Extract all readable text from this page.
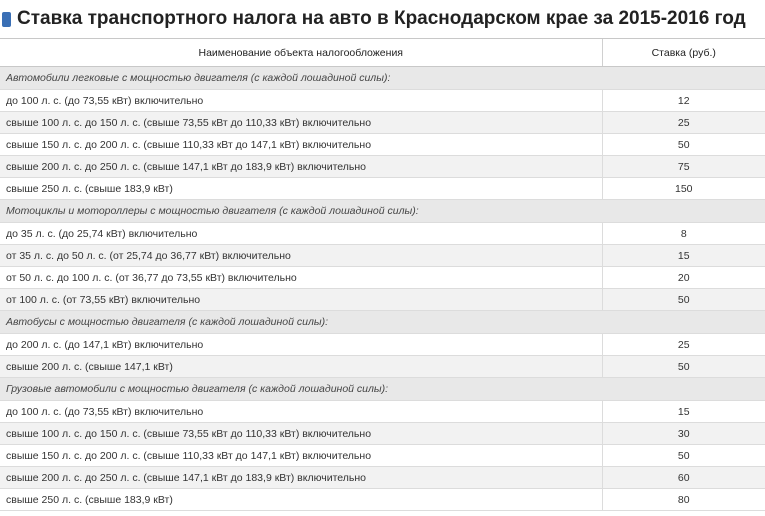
Ставка транспортного налога на авто в Краснодарском крае за 2015-2016 год
Наименование объекта налогообложения	Ставка (руб.)
Автомобили легковые с мощностью двигателя (с каждой лошадиной силы):	
до 100 л. с. (до 73,55 кВт) включительно	12
свыше 100 л. с. до 150 л. с. (свыше 73,55 кВт до 110,33 кВт) включительно	25
свыше 150 л. с. до 200 л. с. (свыше 110,33 кВт до 147,1 кВт) включительно	50
свыше 200 л. с. до 250 л. с. (свыше 147,1 кВт до 183,9 кВт) включительно	75
свыше 250 л. с. (свыше 183,9 кВт)	150
Мотоциклы и мотороллеры с мощностью двигателя (с каждой лошадиной силы):	
до 35 л. с. (до 25,74 кВт) включительно	8
от 35 л. с. до 50 л. с. (от 25,74 до 36,77 кВт) включительно	15
от 50 л. с. до 100 л. с. (от 36,77 до 73,55 кВт) включительно	20
от 100 л. с. (от 73,55 кВт) включительно	50
Автобусы с мощностью двигателя (с каждой лошадиной силы):	
до 200 л. с. (до 147,1 кВт) включительно	25
свыше 200 л. с. (свыше 147,1 кВт)	50
Грузовые автомобили с мощностью двигателя (с каждой лошадиной силы):	
до 100 л. с. (до 73,55 кВт) включительно	15
свыше 100 л. с. до 150 л. с. (свыше 73,55 кВт до 110,33 кВт) включительно	30
свыше 150 л. с. до 200 л. с. (свыше 110,33 кВт до 147,1 кВт) включительно	50
свыше 200 л. с. до 250 л. с. (свыше 147,1 кВт до 183,9 кВт) включительно	60
свыше 250 л. с. (свыше 183,9 кВт)	80
